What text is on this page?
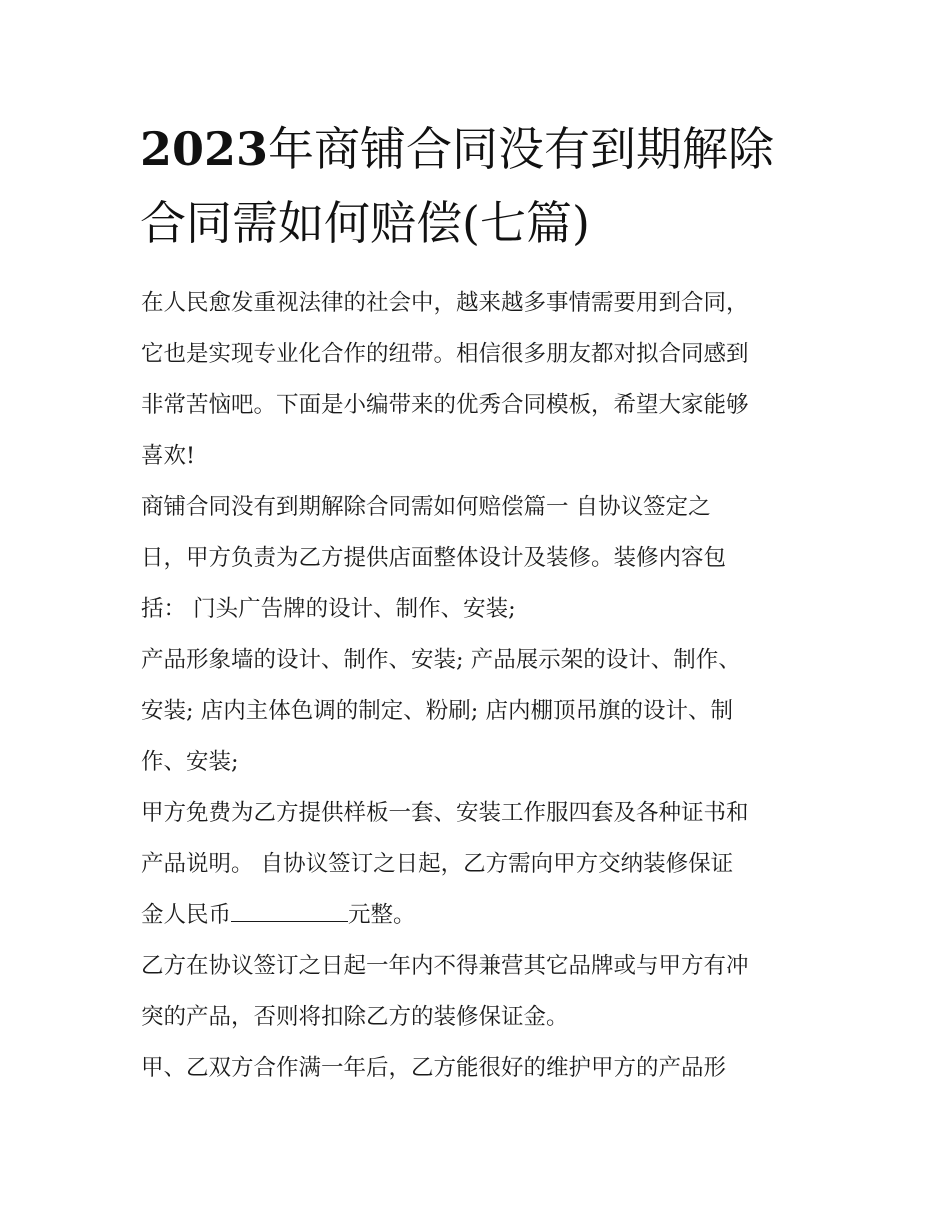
2023年商铺合同没有到期解除
合同需如何赔偿(七篇)
在人民愈发重视法律的社会中，越来越多事情需要用到合同，
它也是实现专业化合作的纽带。相信很多朋友都对拟合同感到
非常苦恼吧。下面是小编带来的优秀合同模板，希望大家能够
喜欢!
商铺合同没有到期解除合同需如何赔偿篇一 自协议签定之
日，甲方负责为乙方提供店面整体设计及装修。装修内容包
括： 门头广告牌的设计、制作、安装;
产品形象墙的设计、制作、安装; 产品展示架的设计、制作、
安装; 店内主体色调的制定、粉刷; 店内棚顶吊旗的设计、制
作、安装;
甲方免费为乙方提供样板一套、安装工作服四套及各种证书和
产品说明。 自协议签订之日起，乙方需向甲方交纳装修保证
金人民币	元整。
乙方在协议签订之日起一年内不得兼营其它品牌或与甲方有冲
突的产品，否则将扣除乙方的装修保证金。
甲、乙双方合作满一年后，乙方能很好的维护甲方的产品形
